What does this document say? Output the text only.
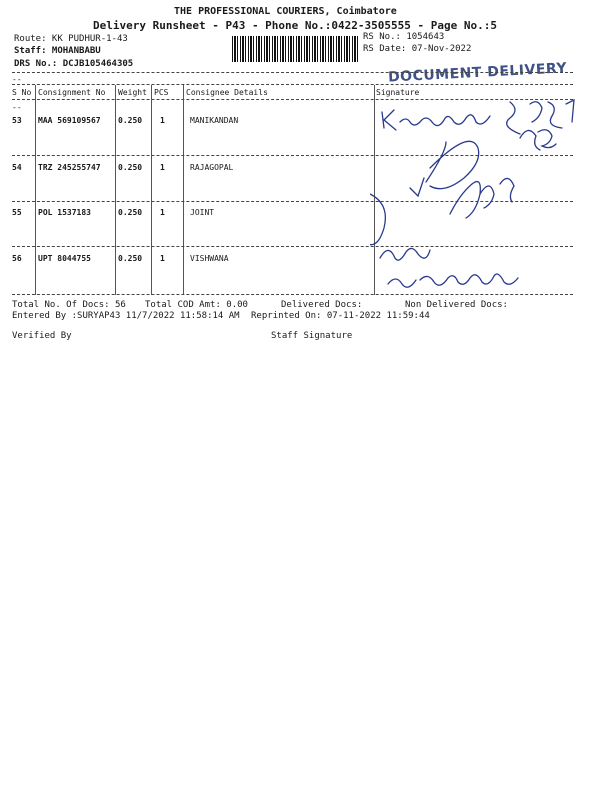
THE PROFESSIONAL COURIERS, Coimbatore
Delivery Runsheet - P43 - Phone No.:0422-3505555 - Page No.:5
Route: KK PUDHUR-1-43
Staff: MOHANBABU
DRS No.: DCJB105464305
RS No.: 1054643
RS Date: 07-Nov-2022
DOCUMENT DELIVERY
--
S No Consignment No Weight PCS Consignee Details	Signature
--
53 MAA 569109567 0.250 1	MANIKANDAN
54 TRZ 245255747 0.250 1	RAJAGOPAL
55 POL 1537183	0.250 1	JOINT
56 UPT 8044755	0.250 1	VISHWANA
Total No. Of Docs: 56 Total COD Amt: 0.00	Delivered Docs:	Non Delivered Docs:
Entered By :SURYAP43 11/7/2022 11:58:14 AM Reprinted On: 07-11-2022 11:59:44
Verified By	Staff Signature
